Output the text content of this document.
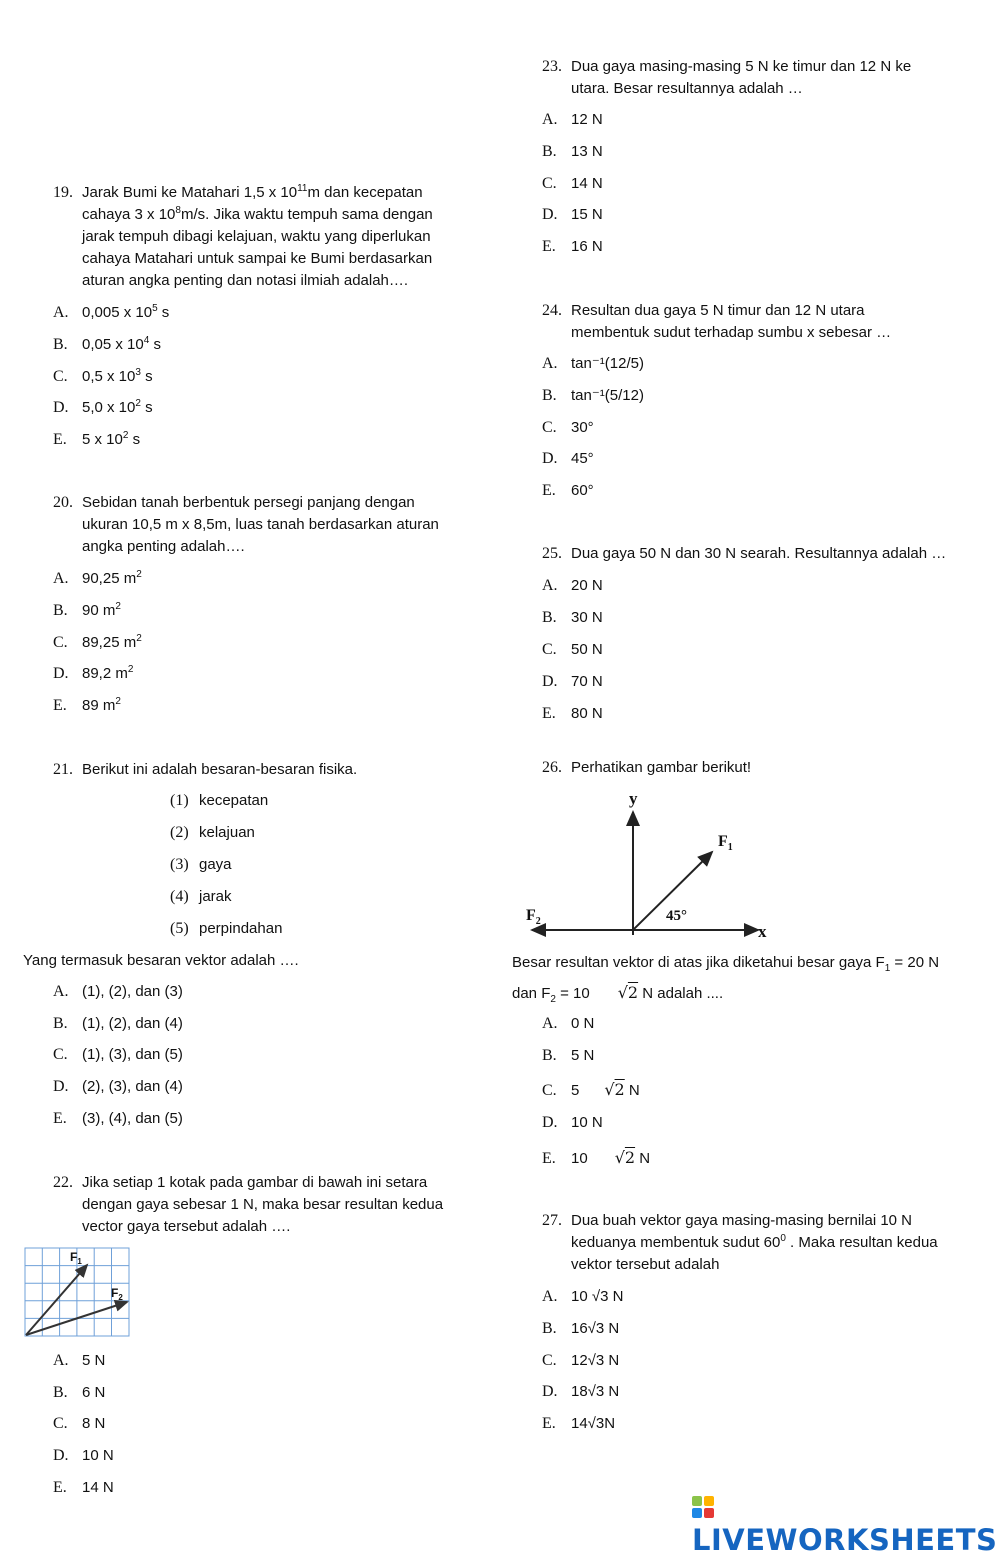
19. Jarak Bumi ke Matahari 1,5 x $10^{11}m$ dan kecepatan
cahaya 3 x $10^8m/s$. Jika waktu tempuh sama dengan
jarak tempuh dibagi kelajuan, waktu yang diperlukan
cahaya Matahari untuk sampai ke Bumi berdasarkan
aturan angka penting dan notasi ilmiah adalah….
A. 0,005 x $10^5$ s
B. 0,05 x $10^4$ s
C. 0,5 x $10^3$ s
D. 5,0 x $10^2$ s
E. 5 x $10^2$ s
20. Sebidan tanah berbentuk persegi panjang dengan
ukuran 10,5 m x 8,5m, luas tanah berdasarkan aturan
angka penting adalah….
A. 90,25 $m^2$
B. 90 $m^2$
C. 89,25 $m^2$
D. 89,2 $m^2$
E. 89 $m^2$
21. Berikut ini adalah besaran-besaran fisika.
(1) kecepatan
(2) kelajuan
(3) gaya
(4) jarak
(5) perpindahan
Yang termasuk besaran vektor adalah ….
A. (1), (2), dan (3)
B. (1), (2), dan (4)
C. (1), (3), dan (5)
D. (2), (3), dan (4)
E. (3), (4), dan (5)
22. Jika setiap 1 kotak pada gambar di bawah ini setara
dengan gaya sebesar 1 N, maka besar resultan kedua
vector gaya tersebut adalah ….
$F_1$
$F_2$
A. 5 N
B. 6 N
C. 8 N
D. 10 N
E. 14 N
23. Dua gaya masing-masing 5 N ke timur dan 12 N ke
utara. Besar resultannya adalah …
A. 12 N
B. 13 N
C. 14 N
D. 15 N
E. 16 N
24. Resultan dua gaya 5 N timur dan 12 N utara
membentuk sudut terhadap sumbu x sebesar …
A. tan⁻¹(12/5)
B. tan⁻¹(5/12)
C. 30°
D. 45°
E. 60°
25. Dua gaya 50 N dan 30 N searah. Resultannya adalah …
A. 20 N
B. 30 N
C. 50 N
D. 70 N
E. 80 N
26. Perhatikan gambar berikut!
y
x
$F_1$
$F_2$	45°
Besar resultan vektor di atas jika diketahui besar gaya $F_1 = 20$ N
dan $F_2 = 10$ √2 N adalah ....
A. 0 N
B. 5 N
C. 5 √2 N
D. 10 N
E. 10 √2 N
27. Dua buah vektor gaya masing-masing bernilai 10 N
keduanya membentuk sudut $60^0$ . Maka resultan kedua
vektor tersebut adalah
A. 10 √3 N
B. 16√3 N
C. 12√3 N
D. 18√3 N
E. 14√3N
LIVEWORKSHEETS
